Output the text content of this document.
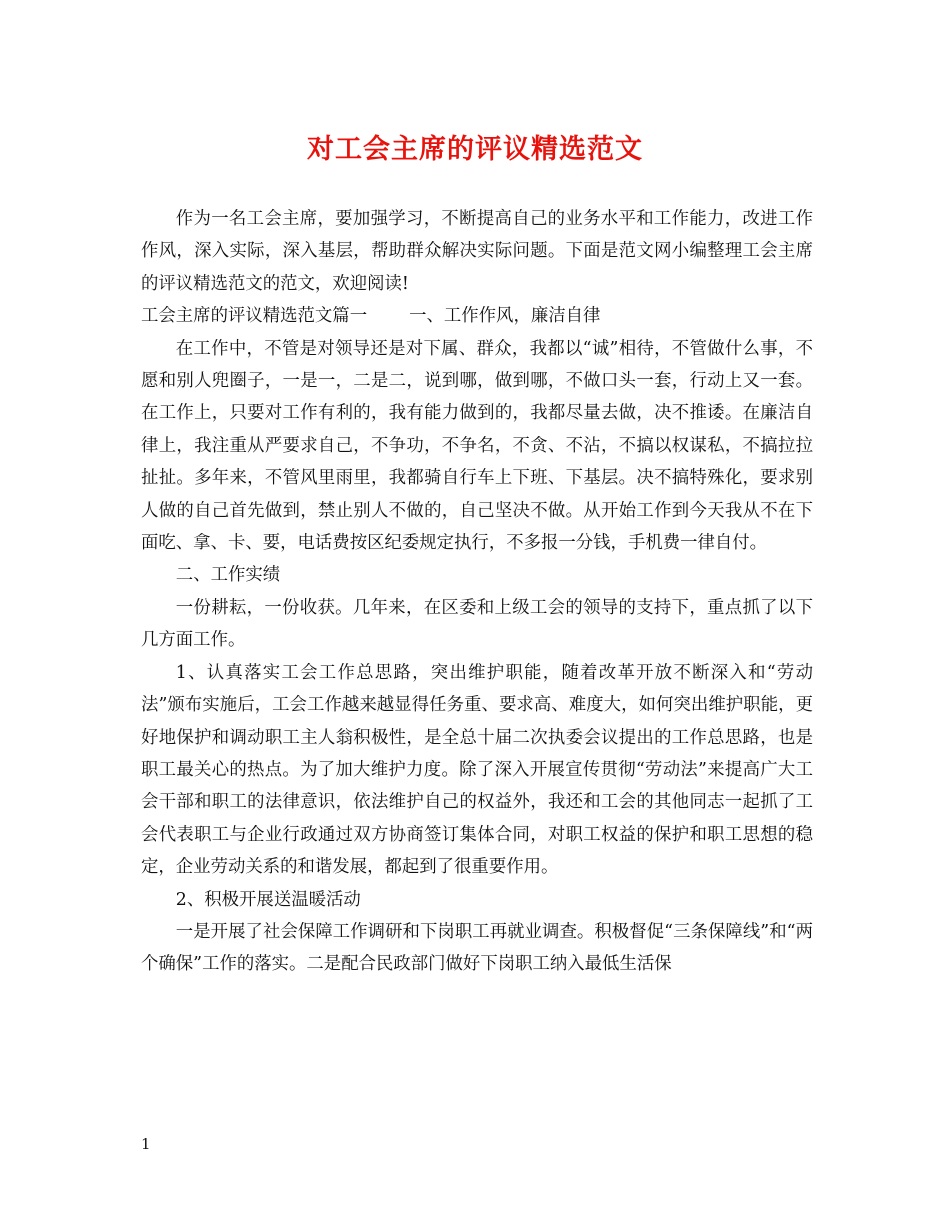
对工会主席的评议精选范文

作为一名工会主席，要加强学习，不断提高自己的业务水平和工作能力，改进工作作风，深入实际，深入基层，帮助群众解决实际问题。下面是范文网小编整理工会主席的评议精选范文的范文，欢迎阅读!

工会主席的评议精选范文篇一 一、工作作风，廉洁自律

在工作中，不管是对领导还是对下属、群众，我都以“诚”相待，不管做什么事，不愿和别人兜圈子，一是一，二是二，说到哪，做到哪，不做口头一套，行动上又一套。在工作上，只要对工作有利的，我有能力做到的，我都尽量去做，决不推诿。在廉洁自律上，我注重从严要求自己，不争功，不争名，不贪、不沾，不搞以权谋私，不搞拉拉扯扯。多年来，不管风里雨里，我都骑自行车上下班、下基层。决不搞特殊化，要求别人做的自己首先做到，禁止别人不做的，自己坚决不做。从开始工作到今天我从不在下面吃、拿、卡、要，电话费按区纪委规定执行，不多报一分钱，手机费一律自付。

二、工作实绩

一份耕耘，一份收获。几年来，在区委和上级工会的领导的支持下，重点抓了以下几方面工作。

1、认真落实工会工作总思路，突出维护职能，随着改革开放不断深入和“劳动法”颁布实施后，工会工作越来越显得任务重、要求高、难度大，如何突出维护职能，更好地保护和调动职工主人翁积极性，是全总十届二次执委会议提出的工作总思路，也是职工最关心的热点。为了加大维护力度。除了深入开展宣传贯彻“劳动法”来提高广大工会干部和职工的法律意识，依法维护自己的权益外，我还和工会的其他同志一起抓了工会代表职工与企业行政通过双方协商签订集体合同，对职工权益的保护和职工思想的稳定，企业劳动关系的和谐发展，都起到了很重要作用。

2、积极开展送温暖活动

一是开展了社会保障工作调研和下岗职工再就业调查。积极督促“三条保障线”和“两个确保”工作的落实。二是配合民政部门做好下岗职工纳入最低生活保

1
